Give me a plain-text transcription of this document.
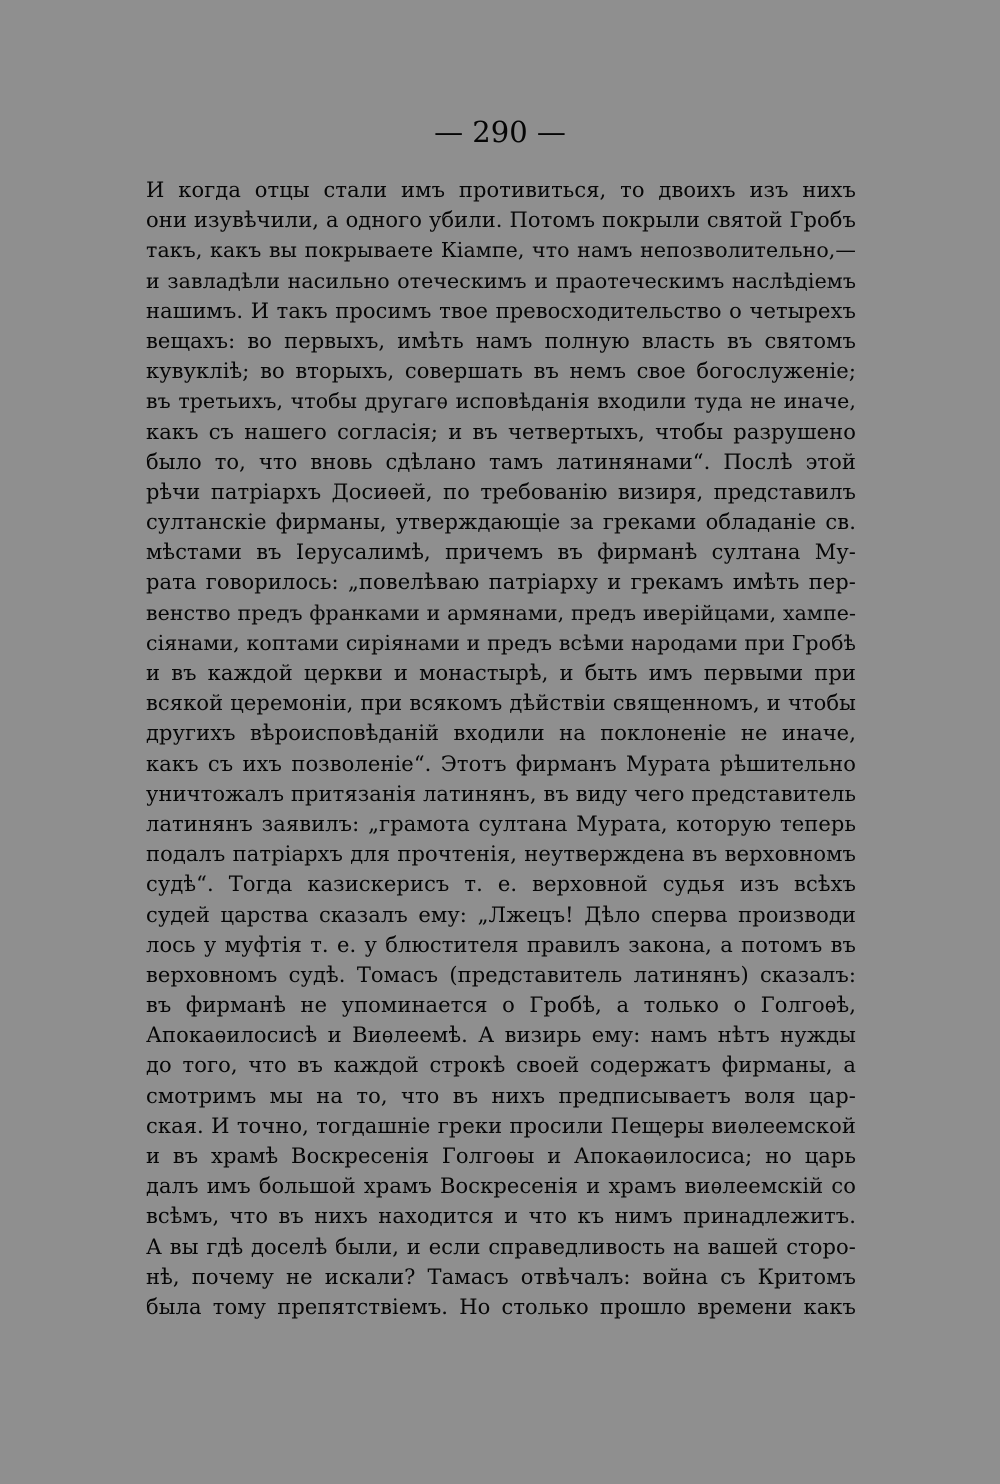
— 290 —
И когда отцы стали имъ противиться, то двоихъ изъ нихъ
они изувѣчили, а одного убили. Потомъ покрыли святой Гробъ
такъ, какъ вы покрываете Кіампе, что намъ непозволительно,—
и завладѣли насильно отеческимъ и праотеческимъ наслѣдіемъ
нашимъ. И такъ просимъ твое превосходительство о четырехъ
вещахъ: во первыхъ, имѣть намъ полную власть въ святомъ
кувуклiѣ; во вторыхъ, совершать въ немъ свое богослуженіе;
въ третьихъ, чтобы другагѳ исповѣданія входили туда не иначе,
какъ съ нашего согласія; и въ четвертыхъ, чтобы разрушено
было то, что вновь сдѣлано тамъ латинянами“. Послѣ этой
рѣчи патріархъ Досиѳей, по требованію визиря, представилъ
султанскіе фирманы, утверждающіе за греками обладаніе св.
мѣстами въ Іерусалимѣ, причемъ въ фирманѣ султана Му-
рата говорилось: „повелѣваю патріарху и грекамъ имѣть пер-
венство предъ франками и армянами, предъ иверійцами, хампе-
сіянами, коптами сиріянами и предъ всѣми народами при Гробѣ
и въ каждой церкви и монастырѣ, и быть имъ первыми при
всякой церемоніи, при всякомъ дѣйствіи священномъ, и чтобы
другихъ вѣроисповѣданій входили на поклоненіе не иначе,
какъ съ ихъ позволеніе“. Этотъ фирманъ Мурата рѣшительно
уничтожалъ притязанія латинянъ, въ виду чего представитель
латинянъ заявилъ: „грамота султана Мурата, которую теперь
подалъ патріархъ для прочтенія, неутверждена въ верховномъ
судѣ“. Тогда казискерисъ т. е. верховной судья изъ всѣхъ
судей царства сказалъ ему: „Лжецъ! Дѣло сперва производи
лось у муфтія т. е. у блюстителя правилъ закона, а потомъ въ
верховномъ судѣ. Томасъ (представитель латинянъ) сказалъ:
въ фирманѣ не упоминается о Гробѣ, а только о Голгоѳѣ,
Апокаѳилосисѣ и Виѳлеемѣ. А визирь ему: намъ нѣтъ нужды
до того, что въ каждой строкѣ своей содержатъ фирманы, а
смотримъ мы на то, что въ нихъ предписываетъ воля цар-
ская. И точно, тогдашніе греки просили Пещеры виѳлеемской
и въ храмѣ Воскресенія Голгоѳы и Апокаѳилосиса; но царь
далъ имъ большой храмъ Воскресенія и храмъ виѳлеемскій со
всѣмъ, что въ нихъ находится и что къ нимъ принадлежитъ.
А вы гдѣ доселѣ были, и если справедливость на вашей сторо-
нѣ, почему не искали? Тамасъ отвѣчалъ: война съ Критомъ
была тому препятствіемъ. Но столько прошло времени какъ
